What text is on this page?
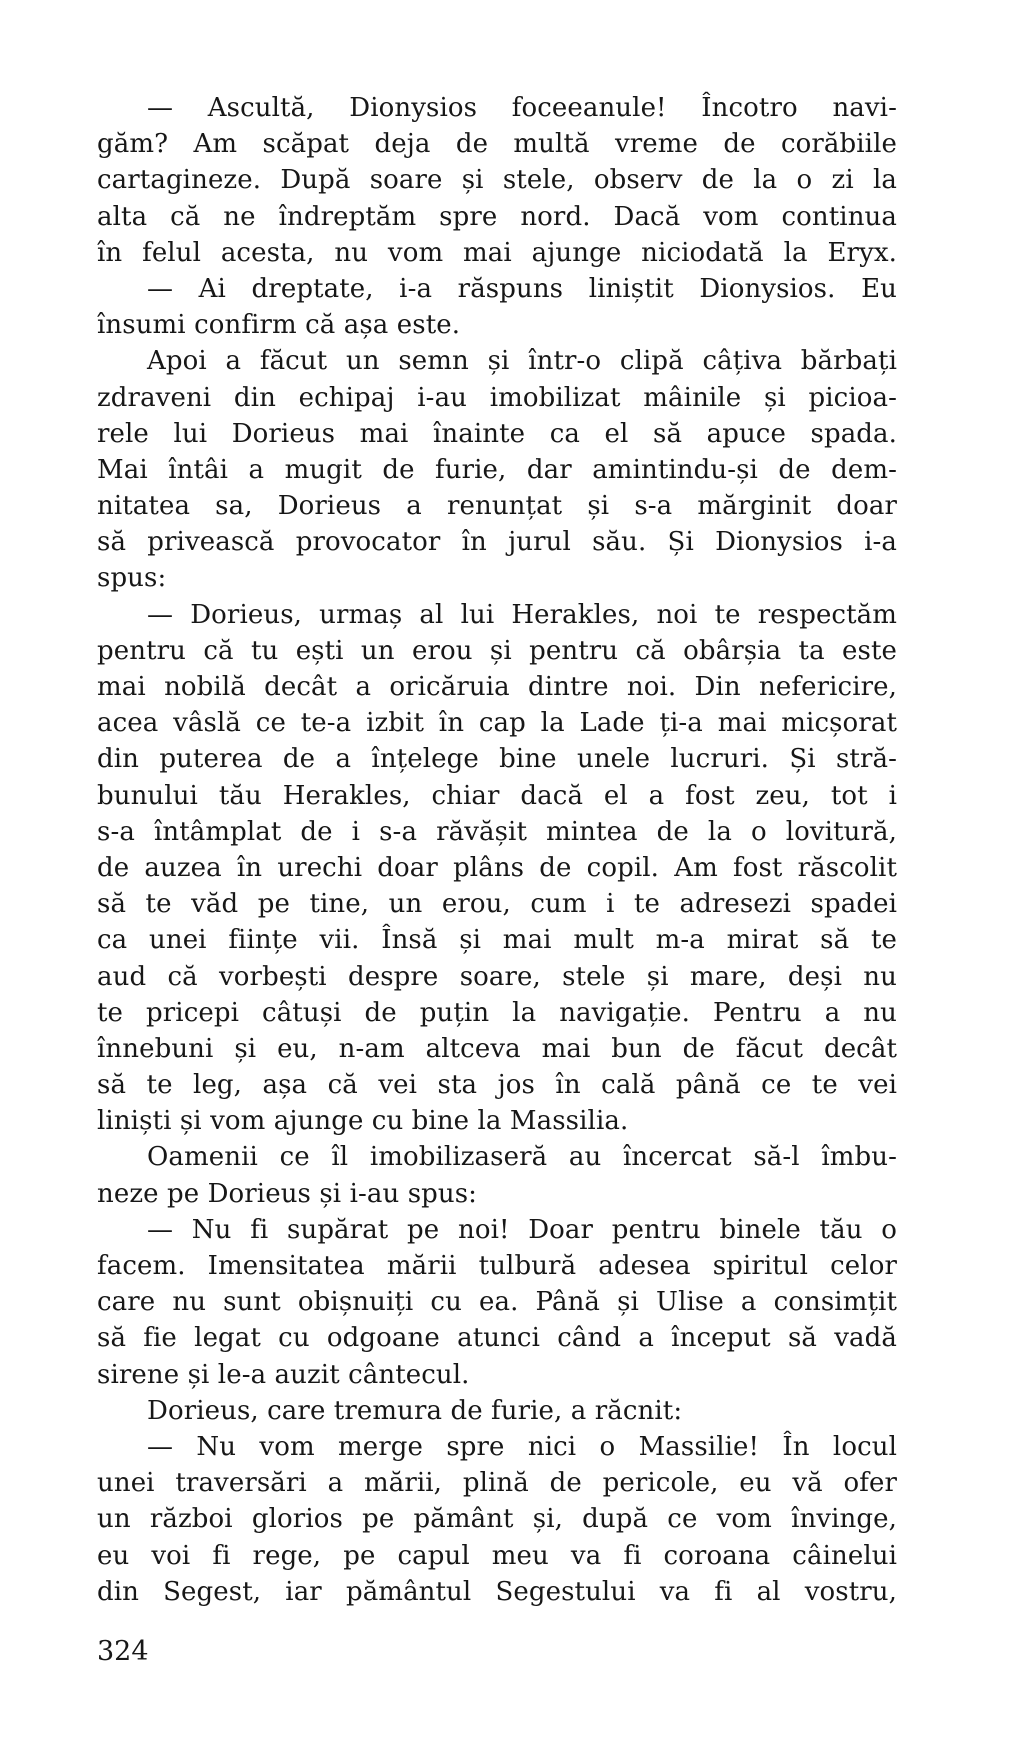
— Ascultă, Dionysios foceeanule! Încotro navi-
găm? Am scăpat deja de multă vreme de corăbiile
cartagineze. După soare și stele, observ de la o zi la
alta că ne îndreptăm spre nord. Dacă vom continua
în felul acesta, nu vom mai ajunge niciodată la Eryx.
— Ai dreptate, i-a răspuns liniștit Dionysios. Eu
însumi confirm că așa este.
Apoi a făcut un semn și într-o clipă câțiva bărbați
zdraveni din echipaj i-au imobilizat mâinile și picioa-
rele lui Dorieus mai înainte ca el să apuce spada.
Mai întâi a mugit de furie, dar amintindu-și de dem-
nitatea sa, Dorieus a renunțat și s-a mărginit doar
să privească provocator în jurul său. Și Dionysios i-a
spus:
— Dorieus, urmaș al lui Herakles, noi te respectăm
pentru că tu ești un erou și pentru că obârșia ta este
mai nobilă decât a oricăruia dintre noi. Din nefericire,
acea vâslă ce te-a izbit în cap la Lade ți-a mai micșorat
din puterea de a înțelege bine unele lucruri. Și stră-
bunului tău Herakles, chiar dacă el a fost zeu, tot i
s-a întâmplat de i s-a răvășit mintea de la o lovitură,
de auzea în urechi doar plâns de copil. Am fost răscolit
să te văd pe tine, un erou, cum i te adresezi spadei
ca unei ființe vii. Însă și mai mult m-a mirat să te
aud că vorbești despre soare, stele și mare, deși nu
te pricepi câtuși de puțin la navigație. Pentru a nu
înnebuni și eu, n-am altceva mai bun de făcut decât
să te leg, așa că vei sta jos în cală până ce te vei
liniști și vom ajunge cu bine la Massilia.
Oamenii ce îl imobilizaseră au încercat să-l îmbu-
neze pe Dorieus și i-au spus:
— Nu fi supărat pe noi! Doar pentru binele tău o
facem. Imensitatea mării tulbură adesea spiritul celor
care nu sunt obișnuiți cu ea. Până și Ulise a consimțit
să fie legat cu odgoane atunci când a început să vadă
sirene și le-a auzit cântecul.
Dorieus, care tremura de furie, a răcnit:
— Nu vom merge spre nici o Massilie! În locul
unei traversări a mării, plină de pericole, eu vă ofer
un război glorios pe pământ și, după ce vom învinge,
eu voi fi rege, pe capul meu va fi coroana câinelui
din Segest, iar pământul Segestului va fi al vostru,
324
